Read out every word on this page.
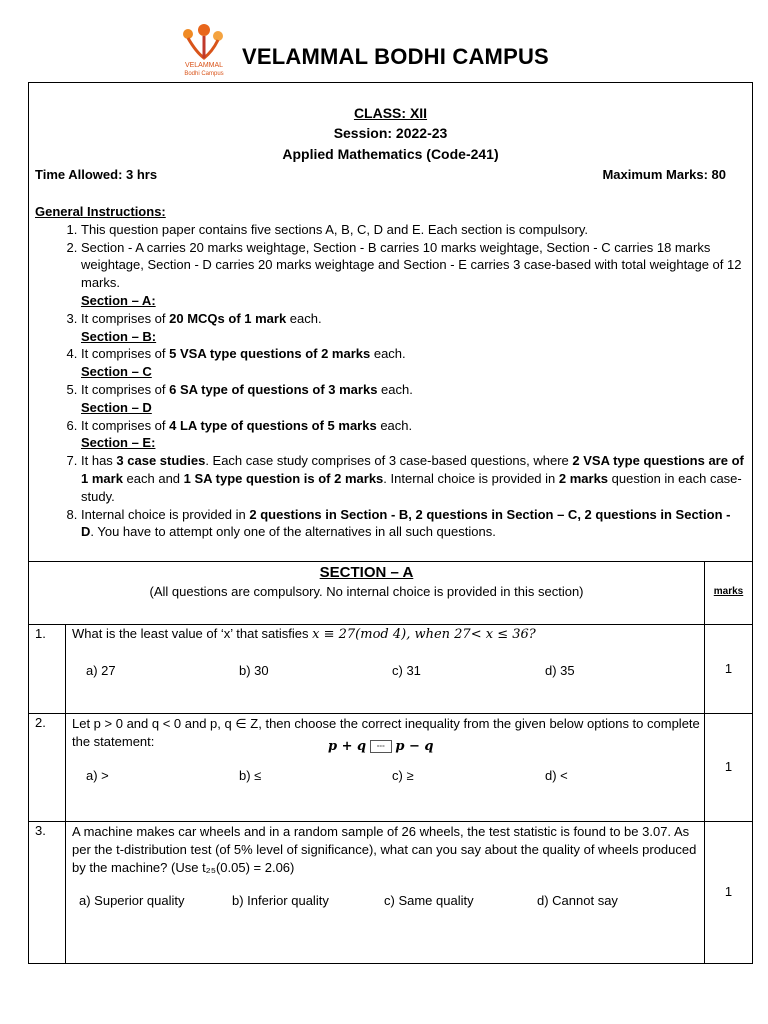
VELAMMAL
Bodhi Campus
VELAMMAL BODHI CAMPUS
CLASS: XII
Session: 2022-23
Applied Mathematics (Code-241)
Time Allowed: 3 hrs	Maximum Marks: 80
General Instructions:
1. This question paper contains five sections A, B, C, D and E. Each section is compulsory.
2. Section - A carries 20 marks weightage, Section - B carries 10 marks weightage, Section - C carries 18 marks weightage, Section - D carries 20 marks weightage and Section - E carries 3 case-based with total weightage of 12 marks.
Section – A:
3. It comprises of 20 MCQs of 1 mark each.
Section – B:
4. It comprises of 5 VSA type questions of 2 marks each.
Section – C
5. It comprises of 6 SA type of questions of 3 marks each.
Section – D
6. It comprises of 4 LA type of questions of 5 marks each.
Section – E:
7. It has 3 case studies. Each case study comprises of 3 case-based questions, where 2 VSA type questions are of 1 mark each and 1 SA type question is of 2 marks. Internal choice is provided in 2 marks question in each case-study.
8. Internal choice is provided in 2 questions in Section - B, 2 questions in Section – C, 2 questions in Section - D. You have to attempt only one of the alternatives in all such questions.
SECTION – A
(All questions are compulsory. No internal choice is provided in this section)	marks
1. What is the least value of ‘x’ that satisfies x ≡ 27(mod 4), when 27< x ≤ 36?
a) 27	b) 30	c) 31	d) 35	1
2. Let p > 0 and q < 0 and p, q ∈ Z, then choose the correct inequality from the given below options to complete the statement:	p + q --- p − q
a) >	b) ≤	c) ≥	d) <
1
3. A machine makes car wheels and in a random sample of 26 wheels, the test statistic is found to be 3.07. As per the t-distribution test (of 5% level of significance), what can you say about the quality of wheels produced by the machine? (Use t₂₅(0.05) = 2.06)
a) Superior quality	b) Inferior quality	c) Same quality	d) Cannot say
1
